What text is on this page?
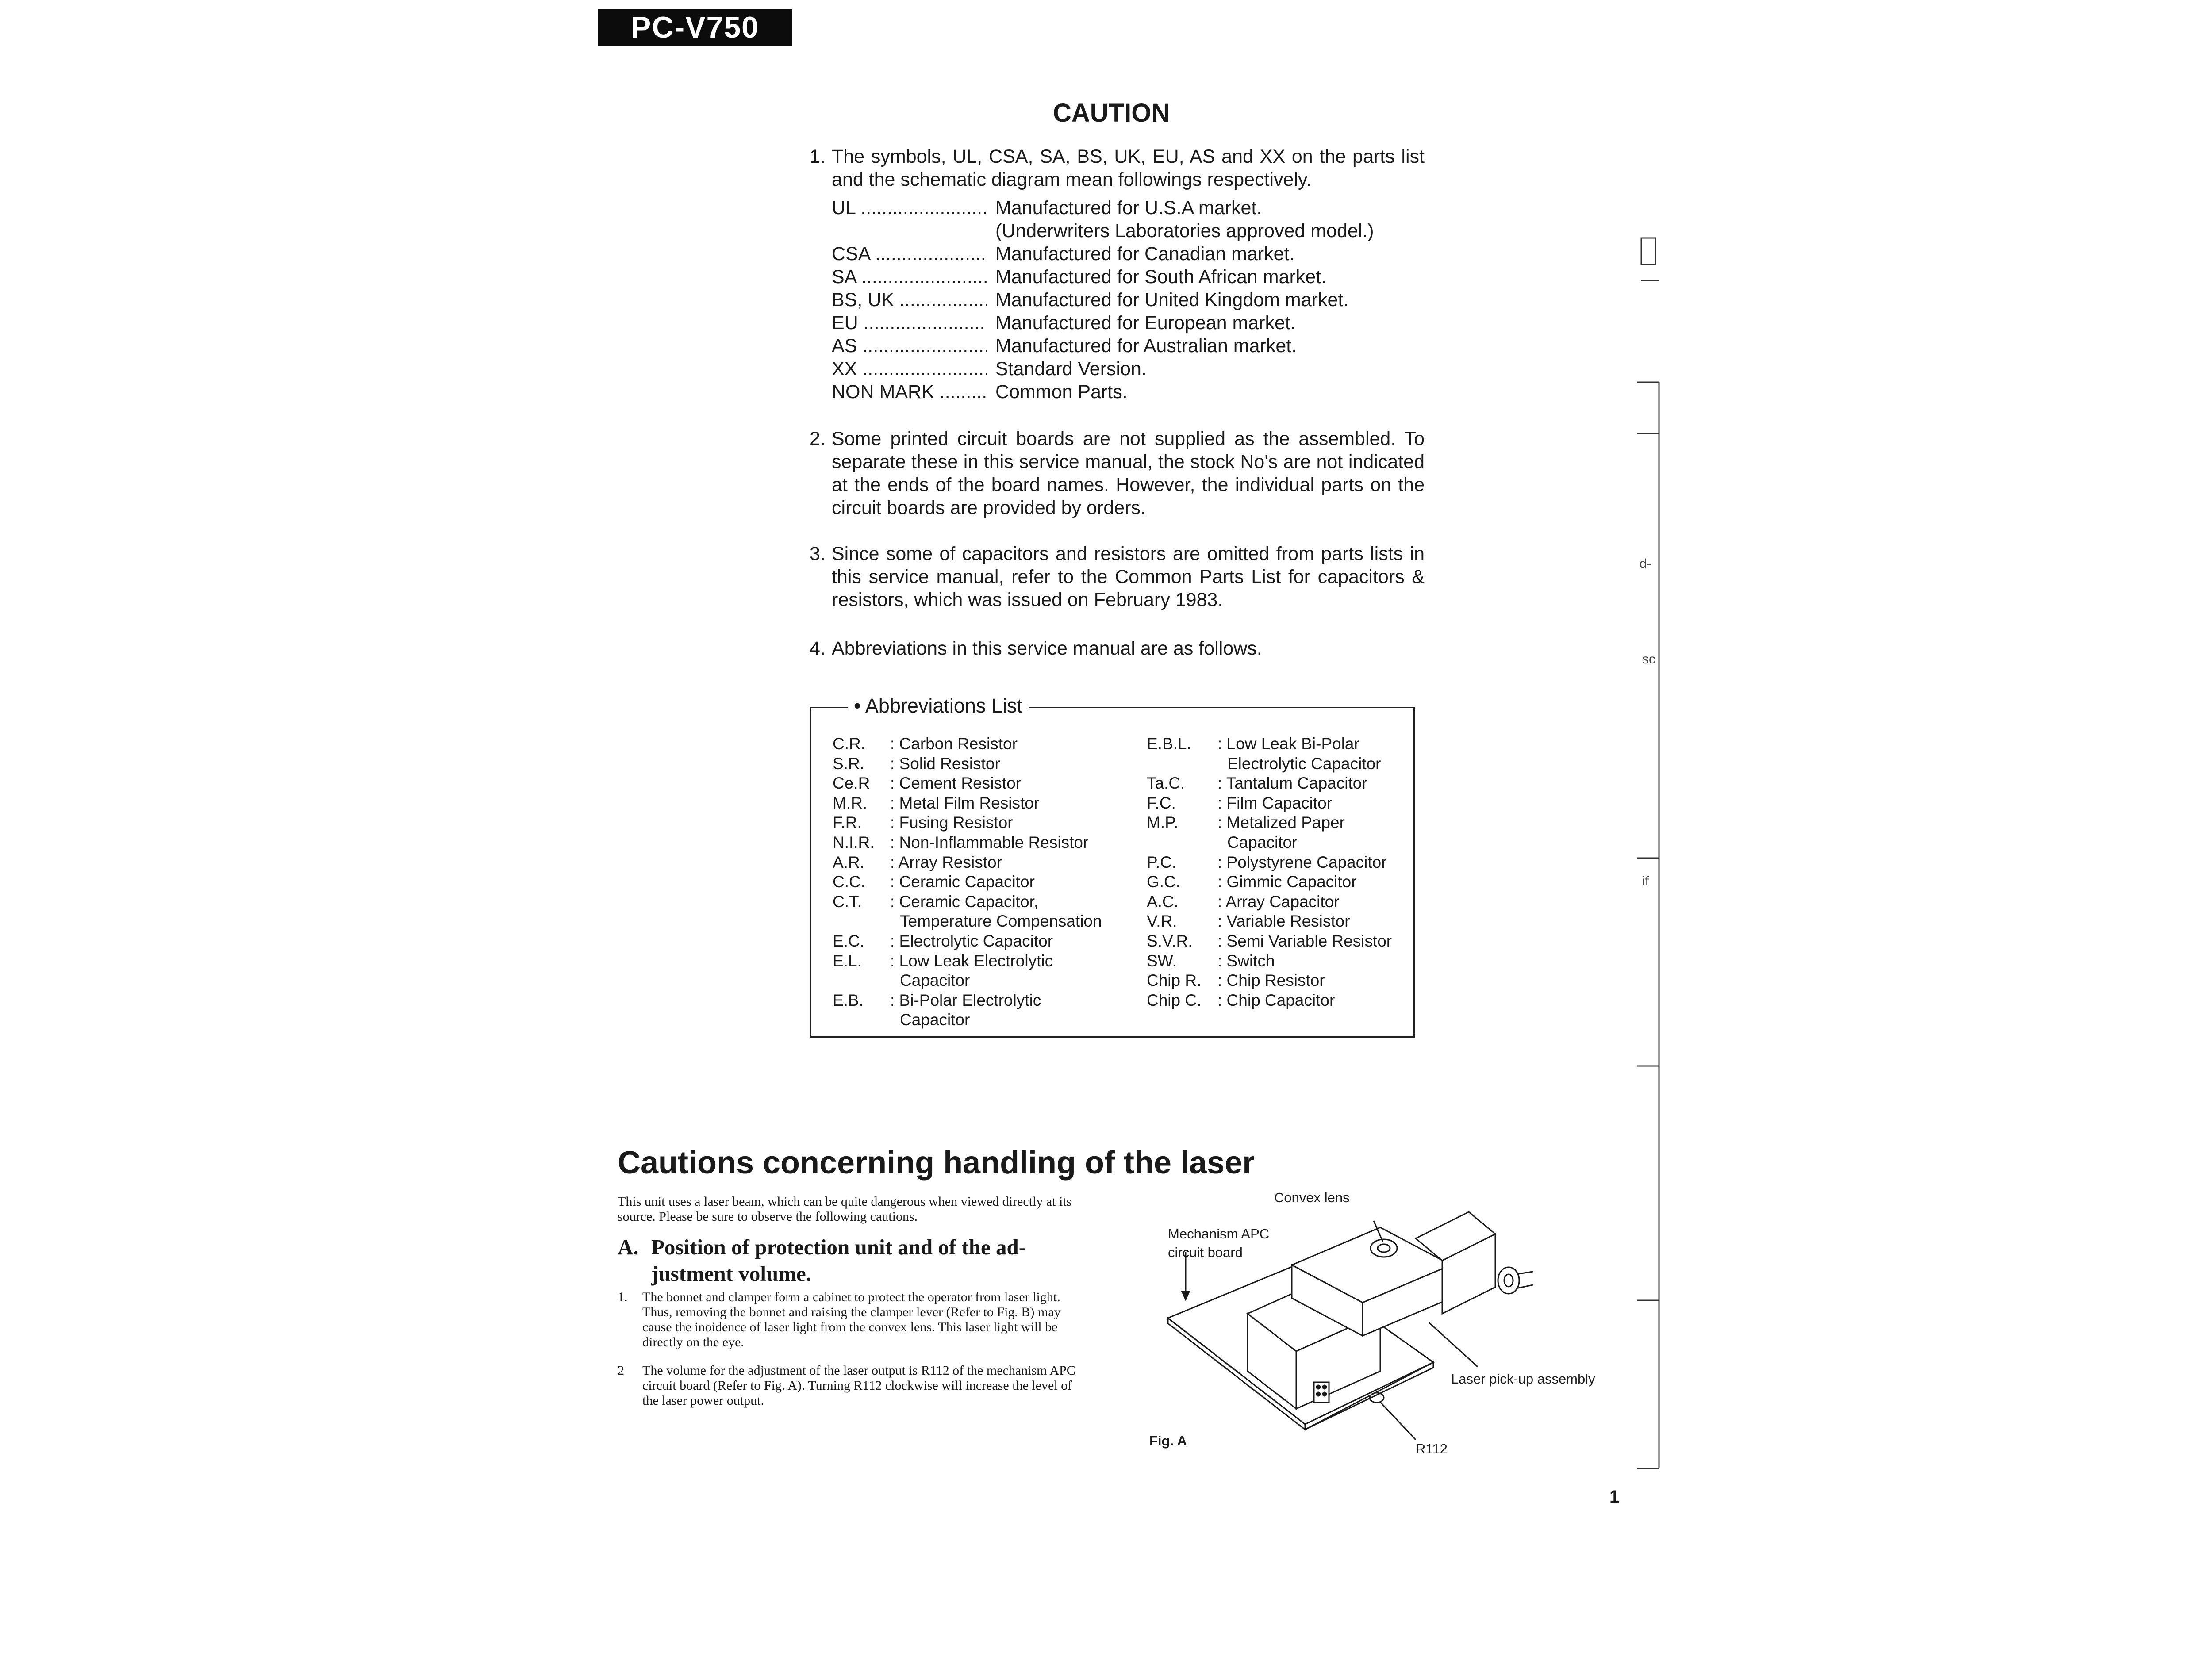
PC-V750
CAUTION
1. The symbols, UL, CSA, SA, BS, UK, EU, AS and XX on the parts list and the schematic diagram mean followings respectively.
UL .....	Manufactured for U.S.A market.
(Underwriters Laboratories approved model.)
CSA .....	Manufactured for Canadian market.
SA .....	Manufactured for South African market.
BS, UK .....	Manufactured for United Kingdom market.
EU .....	Manufactured for European market.
AS .....	Manufactured for Australian market.
XX .....	Standard Version.
NON MARK .....	Common Parts.
2. Some printed circuit boards are not supplied as the assembled. To separate these in this service manual, the stock No's are not indicated at the ends of the board names. However, the individual parts on the circuit boards are provided by orders.
3. Since some of capacitors and resistors are omitted from parts lists in this service manual, refer to the Common Parts List for capacitors & resistors, which was issued on February 1983.
4. Abbreviations in this service manual are as follows.
• Abbreviations List
C.R. : Carbon Resistor
S.R. : Solid Resistor
Ce.R : Cement Resistor
M.R. : Metal Film Resistor
F.R. : Fusing Resistor
N.I.R. : Non-Inflammable Resistor
A.R. : Array Resistor
C.C. : Ceramic Capacitor
C.T. : Ceramic Capacitor,
Temperature Compensation
E.C. : Electrolytic Capacitor
E.L. : Low Leak Electrolytic
Capacitor
E.B. : Bi-Polar Electrolytic
Capacitor
E.B.L. : Low Leak Bi-Polar
Electrolytic Capacitor
Ta.C. : Tantalum Capacitor
F.C.	: Film Capacitor
M.P. : Metalized Paper
Capacitor
P.C.	: Polystyrene Capacitor
G.C. : Gimmic Capacitor
A.C. : Array Capacitor
V.R. : Variable Resistor
S.V.R. : Semi Variable Resistor
SW. : Switch
Chip R. : Chip Resistor
Chip C. : Chip Capacitor
Cautions concerning handling of the laser
This unit uses a laser beam, which can be quite dangerous when viewed directly at its source. Please be sure to observe the following cautions.
A. Position of protection unit and of the ad-
justment volume.
1. The bonnet and clamper form a cabinet to protect the operator from laser light. Thus, removing the bonnet and raising the clamper lever (Refer to Fig. B) may cause the inoidence of laser light from the convex lens. This laser light will be directly on the eye.
2 The volume for the adjustment of the laser output is R112 of the mechanism APC circuit board (Refer to Fig. A). Turning R112 clockwise will increase the level of the laser power output.
Convex lens
Mechanism APC
circuit board
Laser pick-up assembly
R112
Fig. A
d-
sc
if
1
